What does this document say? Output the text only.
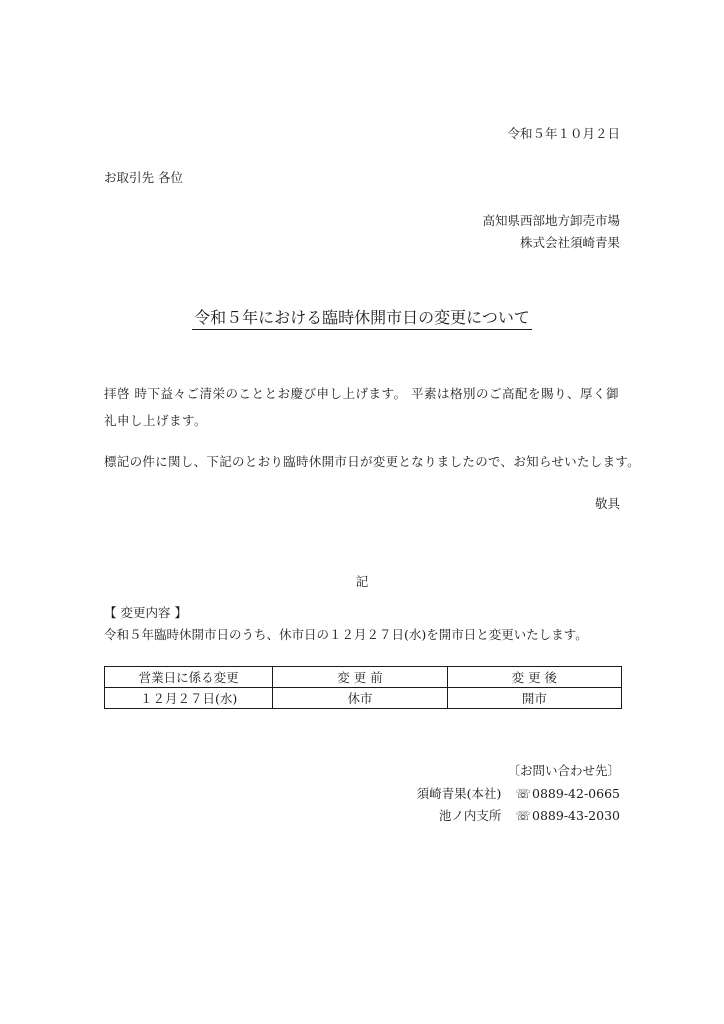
令和５年１０月２日
お取引先 各位
高知県西部地方卸売市場
株式会社須崎青果
令和５年における臨時休開市日の変更について
拝啓 時下益々ご清栄のこととお慶び申し上げます。 平素は格別のご高配を賜り、厚く御礼申し上げます。
標記の件に関し、下記のとおり臨時休開市日が変更となりましたので、お知らせいたします。
敬具
記
【 変更内容 】
令和５年臨時休開市日のうち、休市日の１２月２７日(水)を開市日と変更いたします。
営業日に係る変更	変 更 前	変 更 後
１２月２７日(水)	休市	開市
〔お問い合わせ先〕
須崎青果(本社) ☏0889-42-0665
池ノ内支所 ☏0889-43-2030
